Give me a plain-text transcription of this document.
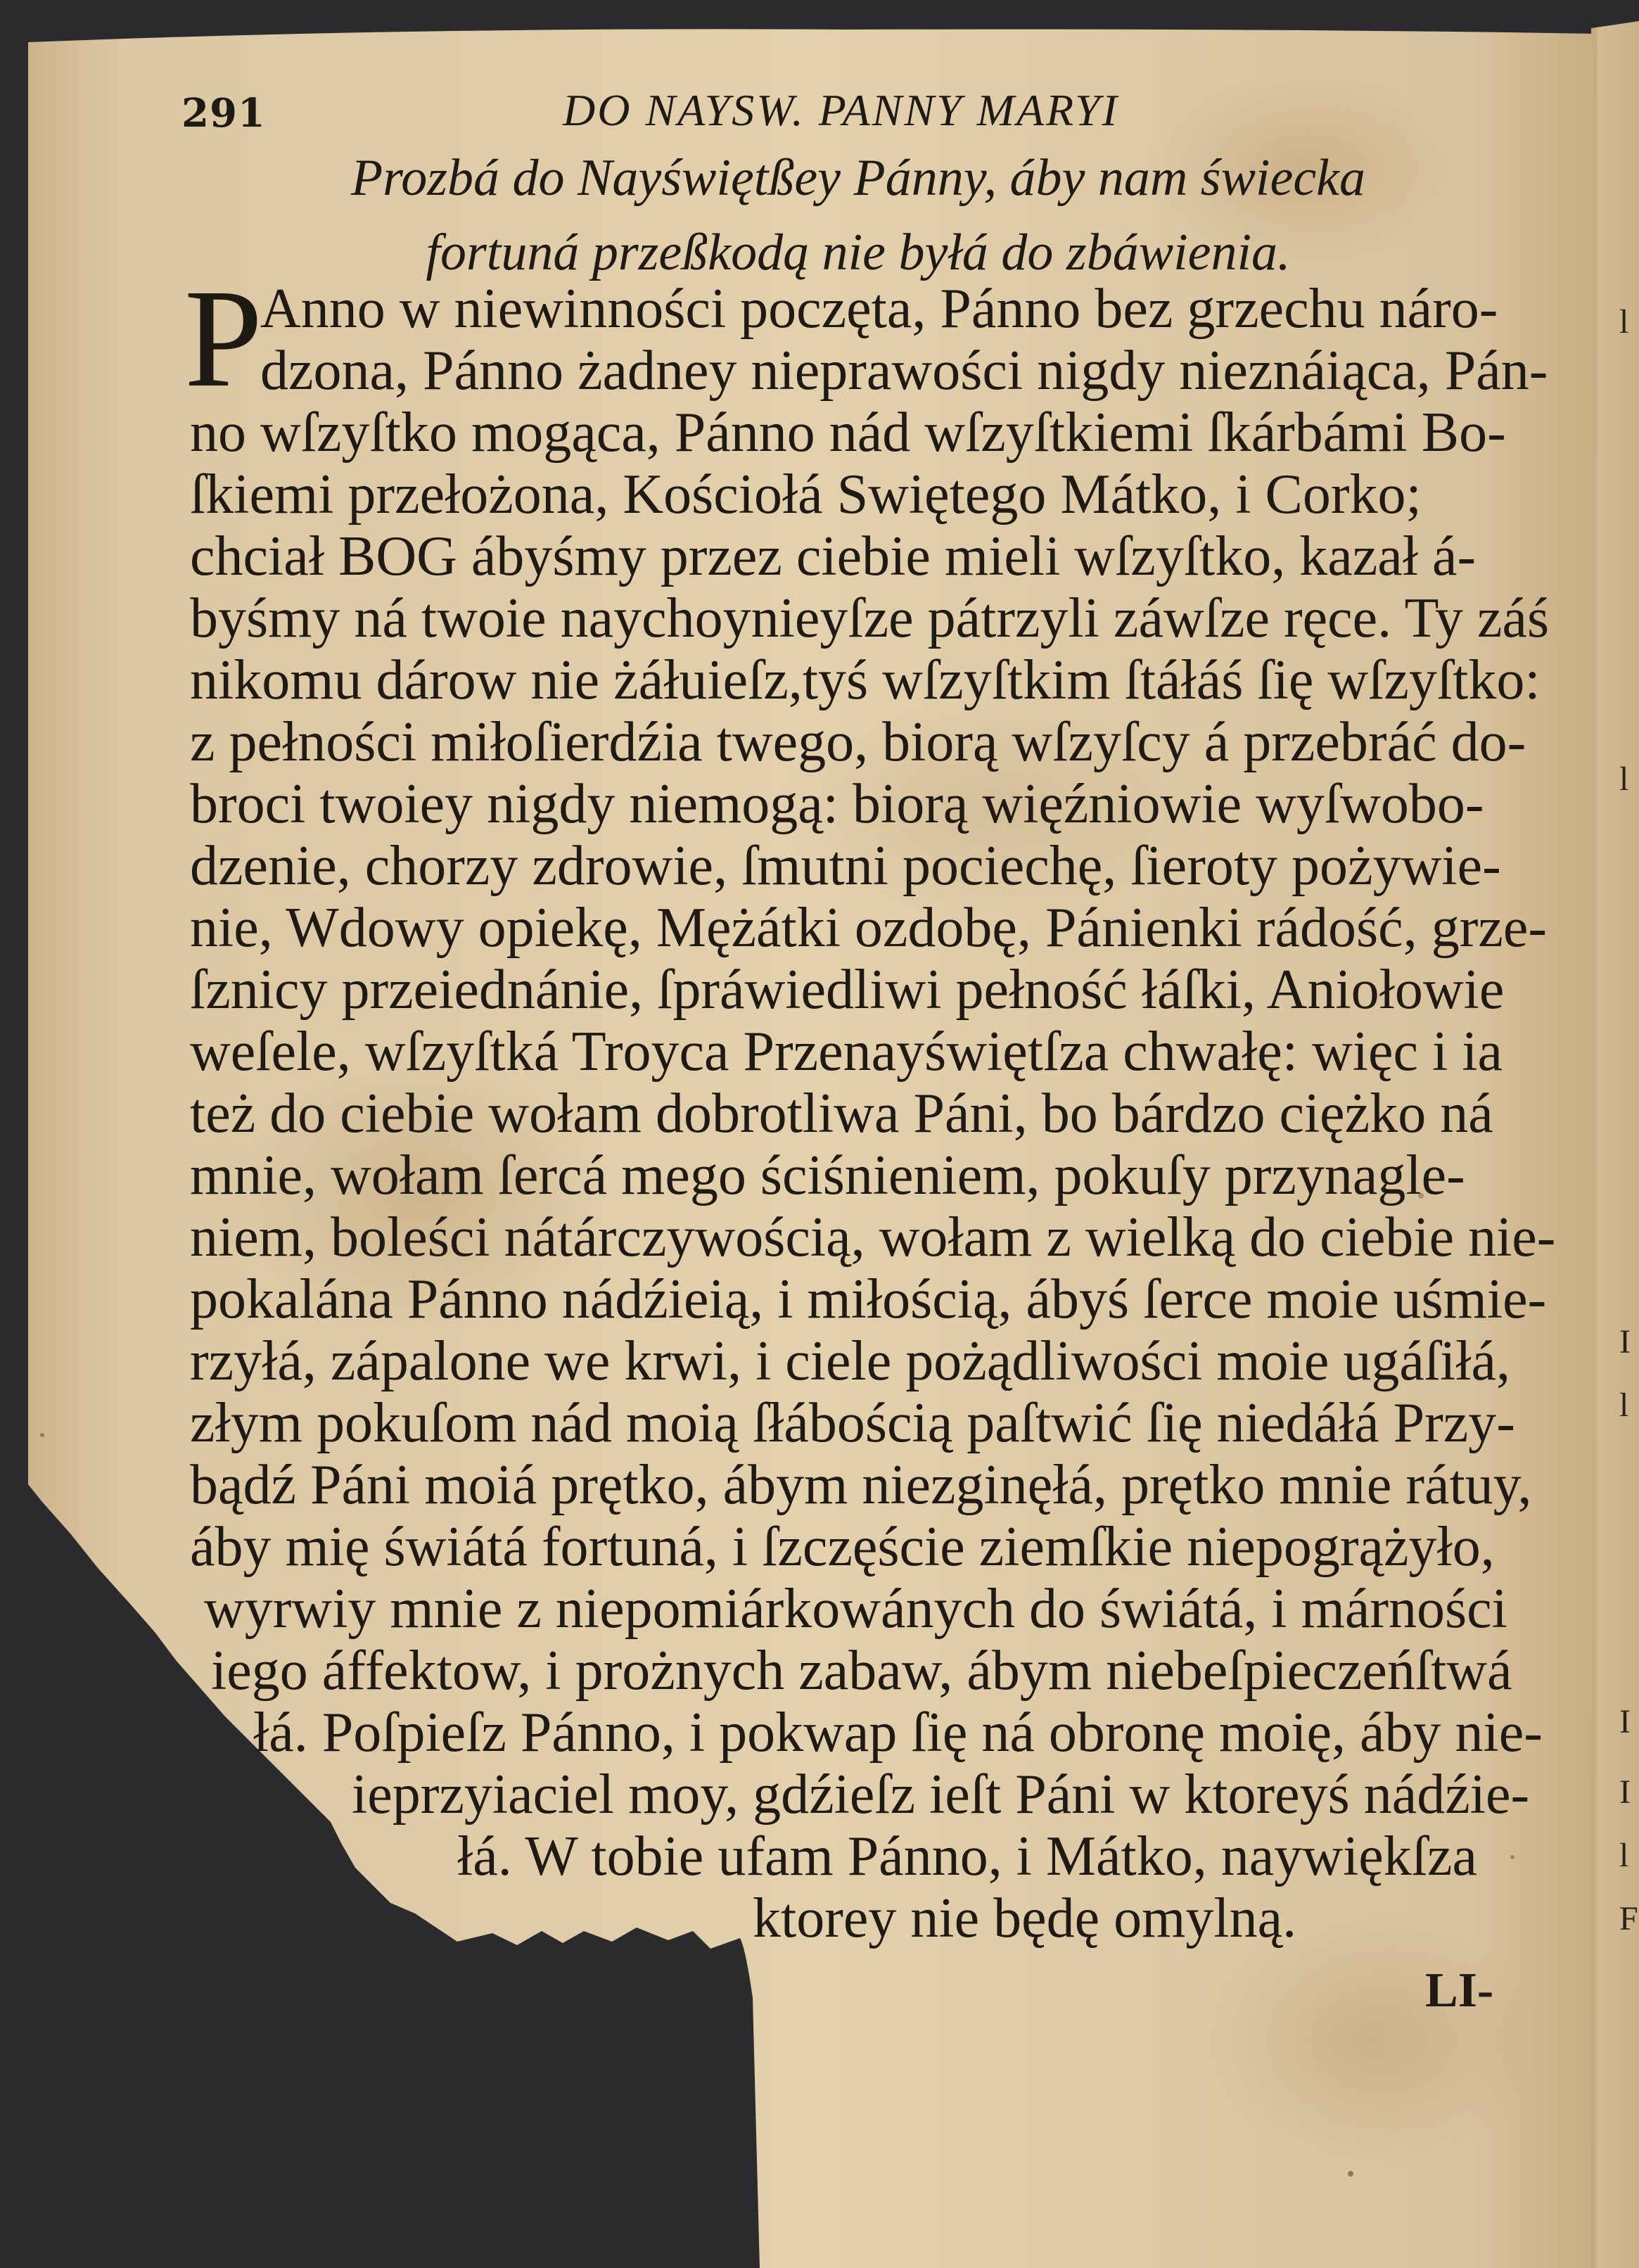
291	DO NAYSW. PANNY MARYI
Prozbá do Nayświętßey Pánny, áby nam świecka
fortuná przeßkodą nie byłá do zbáwienia.
P
Anno w niewinności poczęta, Pánno bez grzechu náro-
dzona, Pánno żadney nieprawości nigdy nieznáiąca, Pán-
no wſzyſtko mogąca, Pánno nád wſzyſtkiemi ſkárbámi Bo-
ſkiemi przełożona, Kościołá Swiętego Mátko, i Corko;
chciał BOG ábyśmy przez ciebie mieli wſzyſtko, kazał á-
byśmy ná twoie naychoynieyſze pátrzyli záwſze ręce. Ty záś
nikomu dárow nie żáłuieſz,tyś wſzyſtkim ſtáłáś ſię wſzyſtko:
z pełności miłoſierdźia twego, biorą wſzyſcy á przebráć do-
broci twoiey nigdy niemogą: biorą więźniowie wyſwobo-
dzenie, chorzy zdrowie, ſmutni pociechę, ſieroty pożywie-
nie, Wdowy opiekę, Mężátki ozdobę, Pánienki rádość, grze-
ſznicy przeiednánie, ſpráwiedliwi pełność łáſki, Aniołowie
weſele, wſzyſtká Troyca Przenayświętſza chwałę: więc i ia
też do ciebie wołam dobrotliwa Páni, bo bárdzo ciężko ná
mnie, wołam ſercá mego ściśnieniem, pokuſy przynagle-
niem, boleści nátárczywością, wołam z wielką do ciebie nie-
pokalána Pánno nádźieią, i miłością, ábyś ſerce moie uśmie-
rzyłá, zápalone we krwi, i ciele pożądliwości moie ugáſiłá,
złym pokuſom nád moią ſłábością paſtwić ſię niedáłá Przy-
bądź Páni moiá prętko, ábym niezginęłá, prętko mnie rátuy,
áby mię świátá fortuná, i ſzczęście ziemſkie niepogrążyło,
wyrwiy mnie z niepomiárkowánych do świátá, i márności
iego áffektow, i prożnych zabaw, ábym niebeſpieczeńſtwá
łá. Poſpieſz Pánno, i pokwap ſię ná obronę moię, áby nie-
ieprzyiaciel moy, gdźieſz ieſt Páni w ktoreyś nádźie-
łá. W tobie ufam Pánno, i Mátko, naywiękſza
ktorey nie będę omylną.
LI-
l
l
I
l
I
I
l
F
